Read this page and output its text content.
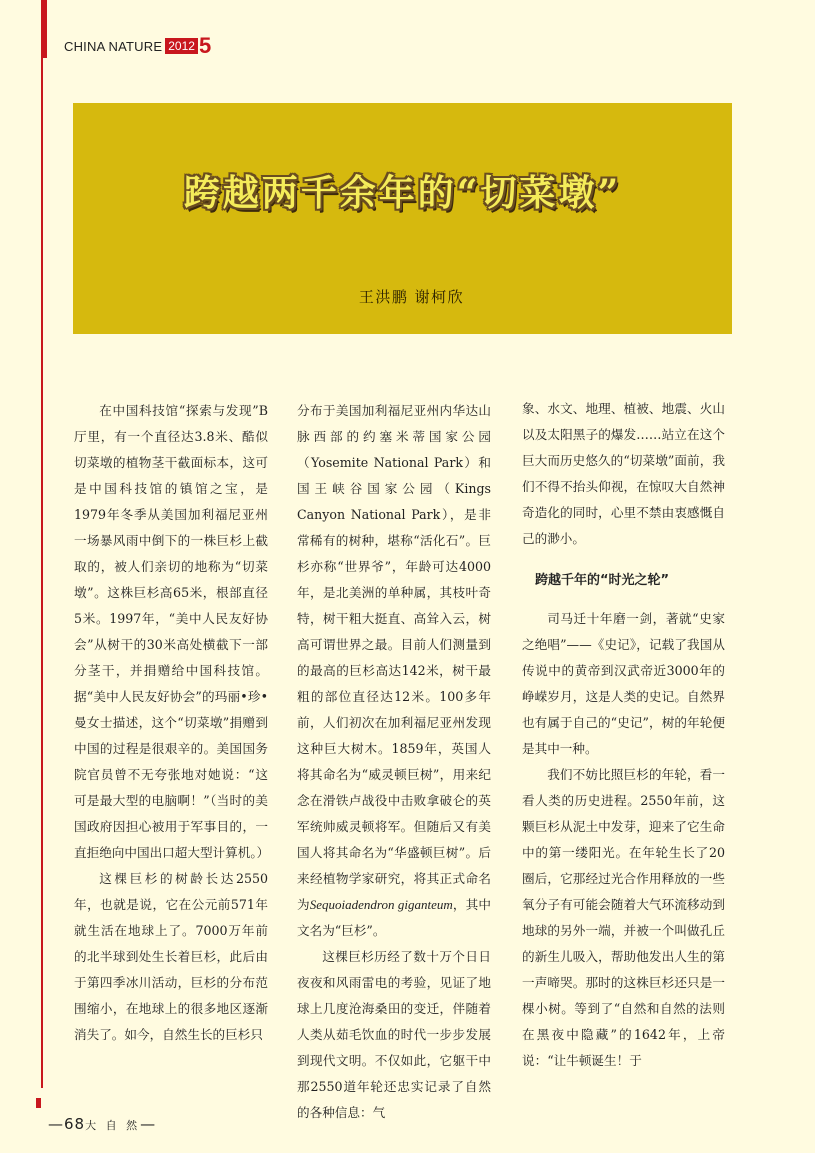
CHINA NATURE 2012 5
跨越两千余年的“切菜墩”
王洪鹏 谢柯欣

在中国科技馆“探索与发现”B厅里，有一个直径达3.8米、酷似切菜墩的植物茎干截面标本，这可是中国科技馆的镇馆之宝，是1979年冬季从美国加利福尼亚州一场暴风雨中倒下的一株巨杉上截取的，被人们亲切的地称为“切菜墩”。这株巨杉高65米，根部直径5米。1997年，“美中人民友好协会”从树干的30米高处横截下一部分茎干，并捐赠给中国科技馆。据“美中人民友好协会”的玛丽•珍•曼女士描述，这个“切菜墩”捐赠到中国的过程是很艰辛的。美国国务院官员曾不无夸张地对她说：“这可是最大型的电脑啊！”（当时的美国政府因担心被用于军事目的，一直拒绝向中国出口超大型计算机。）

这棵巨杉的树龄长达2550年，也就是说，它在公元前571年就生活在地球上了。7000万年前的北半球到处生长着巨杉，此后由于第四季冰川活动，巨杉的分布范围缩小，在地球上的很多地区逐渐消失了。如今，自然生长的巨杉只

分布于美国加利福尼亚州内华达山脉西部的约塞米蒂国家公园（Yosemite National Park）和国王峡谷国家公园（Kings Canyon National Park），是非常稀有的树种，堪称“活化石”。巨杉亦称“世界爷”，年龄可达4000年，是北美洲的单种属，其枝叶奇特，树干粗大挺直、高耸入云，树高可谓世界之最。目前人们测量到的最高的巨杉高达142米，树干最粗的部位直径达12米。100多年前，人们初次在加利福尼亚州发现这种巨大树木。1859年，英国人将其命名为“威灵顿巨树”，用来纪念在滑铁卢战役中击败拿破仑的英军统帅威灵顿将军。但随后又有美国人将其命名为“华盛顿巨树”。后来经植物学家研究，将其正式命名为Sequoiadendron giganteum，其中文名为“巨杉”。

这棵巨杉历经了数十万个日日夜夜和风雨雷电的考验，见证了地球上几度沧海桑田的变迁，伴随着人类从茹毛饮血的时代一步步发展到现代文明。不仅如此，它躯干中那2550道年轮还忠实记录了自然的各种信息：气

象、水文、地理、植被、地震、火山以及太阳黑子的爆发……站立在这个巨大而历史悠久的“切菜墩”面前，我们不得不抬头仰视，在惊叹大自然神奇造化的同时，心里不禁由衷感慨自己的渺小。

跨越千年的“时光之轮”

司马迁十年磨一剑，著就“史家之绝唱”——《史记》，记载了我国从传说中的黄帝到汉武帝近3000年的峥嵘岁月，这是人类的史记。自然界也有属于自己的“史记”，树的年轮便是其中一种。

我们不妨比照巨杉的年轮，看一看人类的历史进程。2550年前，这颗巨杉从泥土中发芽，迎来了它生命中的第一缕阳光。在年轮生长了20圈后，它那经过光合作用释放的一些氧分子有可能会随着大气环流移动到地球的另外一端，并被一个叫做孔丘的新生儿吸入，帮助他发出人生的第一声啼哭。那时的这株巨杉还只是一棵小树。等到了“自然和自然的法则在黑夜中隐藏”的1642年，上帝说：“让牛顿诞生！于

—68大 自 然—
